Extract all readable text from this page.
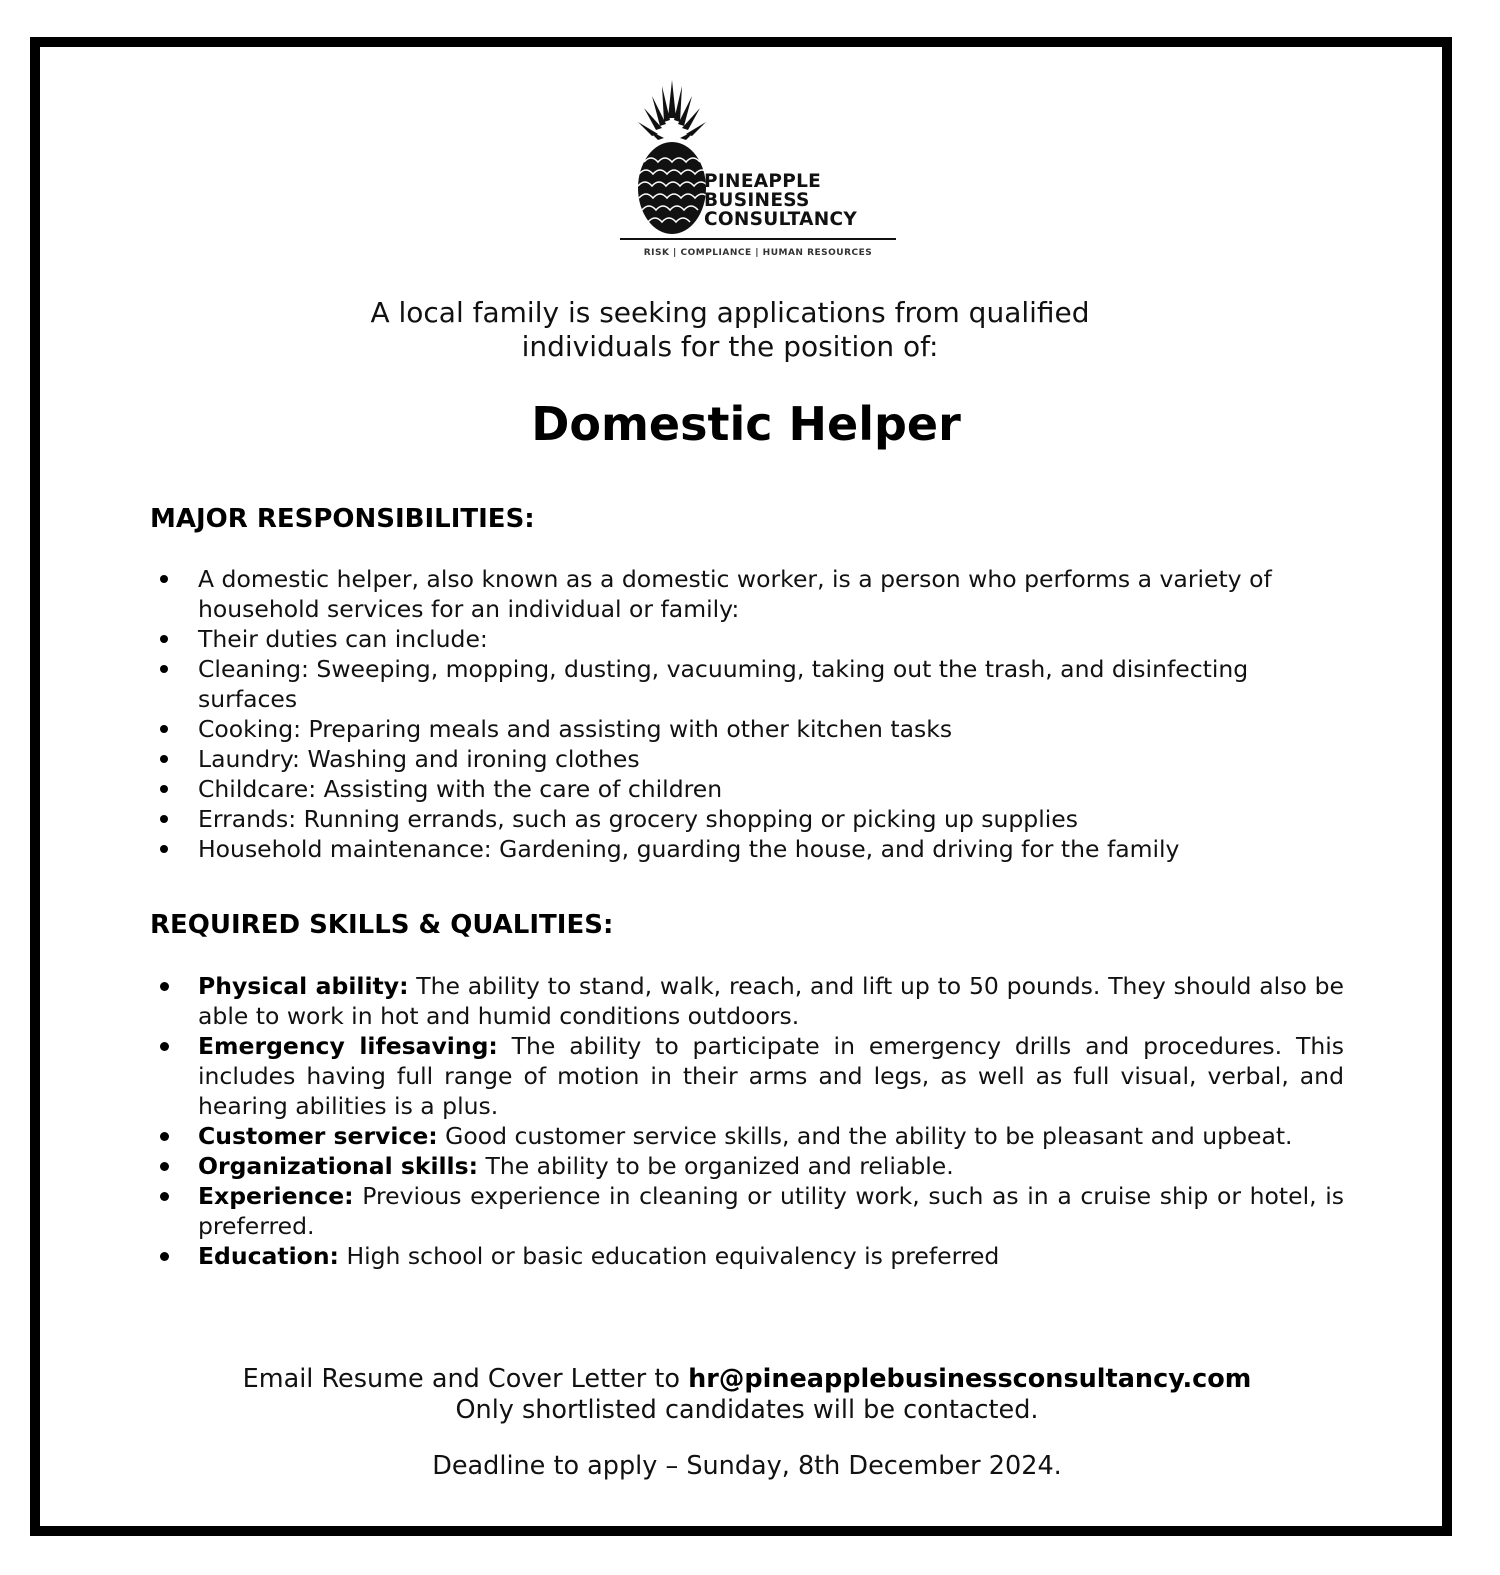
PINEAPPLE
BUSINESS
CONSULTANCY
RISK | COMPLIANCE | HUMAN RESOURCES
A local family is seeking applications from qualified
individuals for the position of:
Domestic Helper
MAJOR RESPONSIBILITIES:
A domestic helper, also known as a domestic worker, is a person who performs a variety of household services for an individual or family:
Their duties can include:
Cleaning: Sweeping, mopping, dusting, vacuuming, taking out the trash, and disinfecting surfaces
Cooking: Preparing meals and assisting with other kitchen tasks
Laundry: Washing and ironing clothes
Childcare: Assisting with the care of children
Errands: Running errands, such as grocery shopping or picking up supplies
Household maintenance: Gardening, guarding the house, and driving for the family
REQUIRED SKILLS & QUALITIES:
Physical ability: The ability to stand, walk, reach, and lift up to 50 pounds. They should also be able to work in hot and humid conditions outdoors.
Emergency lifesaving: The ability to participate in emergency drills and procedures. This includes having full range of motion in their arms and legs, as well as full visual, verbal, and hearing abilities is a plus.
Customer service: Good customer service skills, and the ability to be pleasant and upbeat.
Organizational skills: The ability to be organized and reliable.
Experience: Previous experience in cleaning or utility work, such as in a cruise ship or hotel, is preferred.
Education: High school or basic education equivalency is preferred
Email Resume and Cover Letter to hr@pineapplebusinessconsultancy.com
Only shortlisted candidates will be contacted.
Deadline to apply – Sunday, 8th December 2024.
